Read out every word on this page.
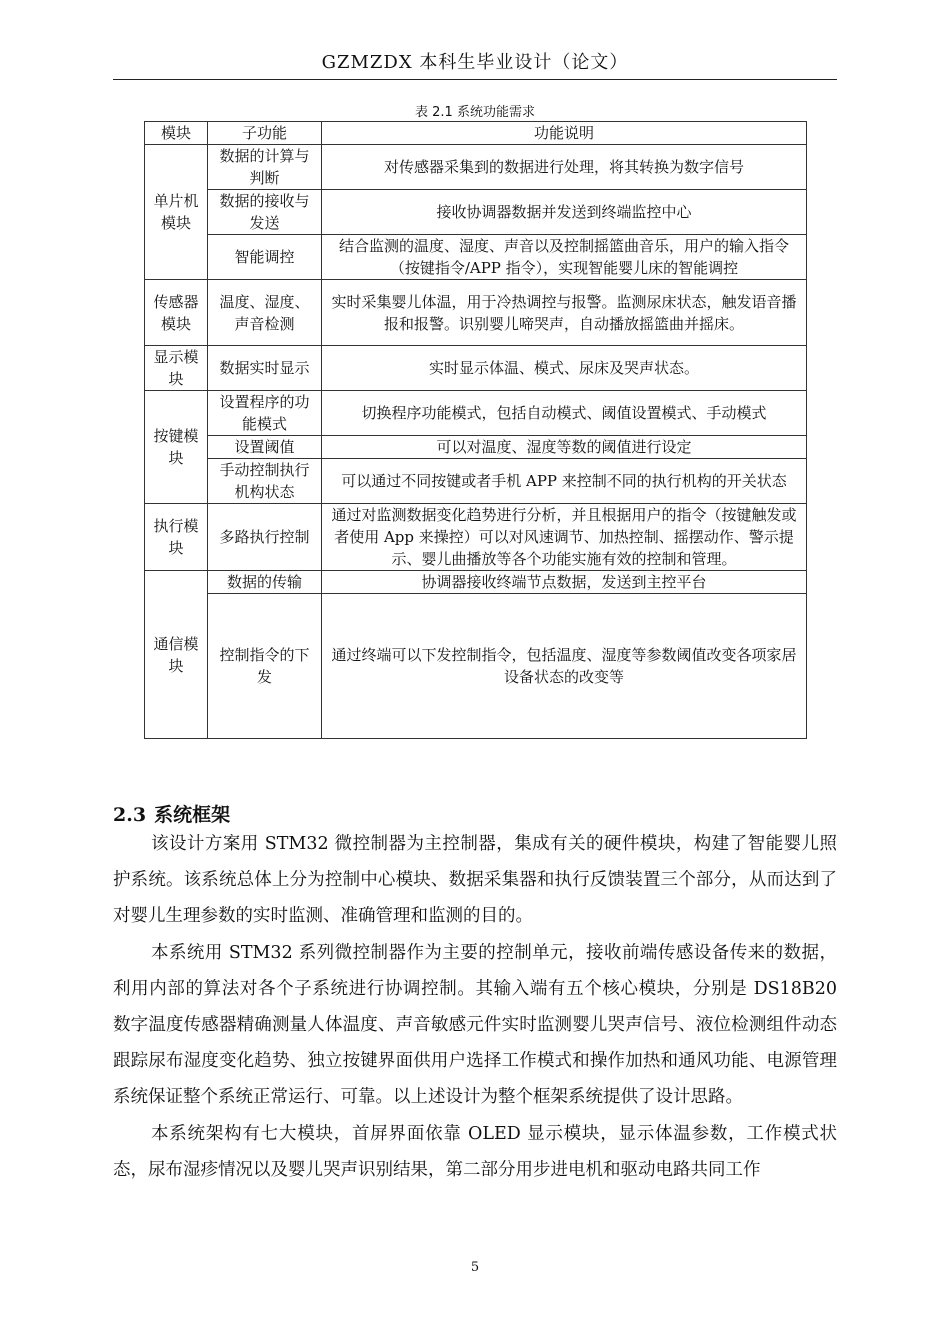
GZMZDX 本科生毕业设计（论文）
表 2.1 系统功能需求
模块	子功能	功能说明
单片机模块	数据的计算与判断	对传感器采集到的数据进行处理，将其转换为数字信号
	数据的接收与发送	接收协调器数据并发送到终端监控中心
	智能调控	结合监测的温度、湿度、声音以及控制摇篮曲音乐，用户的输入指令（按键指令/APP 指令），实现智能婴儿床的智能调控
传感器模块	温度、湿度、声音检测	实时采集婴儿体温，用于冷热调控与报警。监测尿床状态，触发语音播报和报警。识别婴儿啼哭声，自动播放摇篮曲并摇床。
显示模块	数据实时显示	实时显示体温、模式、尿床及哭声状态。
按键模块	设置程序的功能模式	切换程序功能模式，包括自动模式、阈值设置模式、手动模式
	设置阈值	可以对温度、湿度等数的阈值进行设定
	手动控制执行机构状态	可以通过不同按键或者手机 APP 来控制不同的执行机构的开关状态
执行模块	多路执行控制	通过对监测数据变化趋势进行分析，并且根据用户的指令（按键触发或者使用 App 来操控）可以对风速调节、加热控制、摇摆动作、警示提示、婴儿曲播放等各个功能实施有效的控制和管理。
通信模块	数据的传输	协调器接收终端节点数据，发送到主控平台
	控制指令的下发	通过终端可以下发控制指令，包括温度、湿度等参数阈值改变各项家居设备状态的改变等
2.3 系统框架

该设计方案用 STM32 微控制器为主控制器，集成有关的硬件模块，构建了智能婴儿照护系统。该系统总体上分为控制中心模块、数据采集器和执行反馈装置三个部分，从而达到了对婴儿生理参数的实时监测、准确管理和监测的目的。

本系统用 STM32 系列微控制器作为主要的控制单元，接收前端传感设备传来的数据，利用内部的算法对各个子系统进行协调控制。其输入端有五个核心模块，分别是 DS18B20 数字温度传感器精确测量人体温度、声音敏感元件实时监测婴儿哭声信号、液位检测组件动态跟踪尿布湿度变化趋势、独立按键界面供用户选择工作模式和操作加热和通风功能、电源管理系统保证整个系统正常运行、可靠。以上述设计为整个框架系统提供了设计思路。

本系统架构有七大模块，首屏界面依靠 OLED 显示模块，显示体温参数，工作模式状态，尿布湿疹情况以及婴儿哭声识别结果，第二部分用步进电机和驱动电路共同工作

5
